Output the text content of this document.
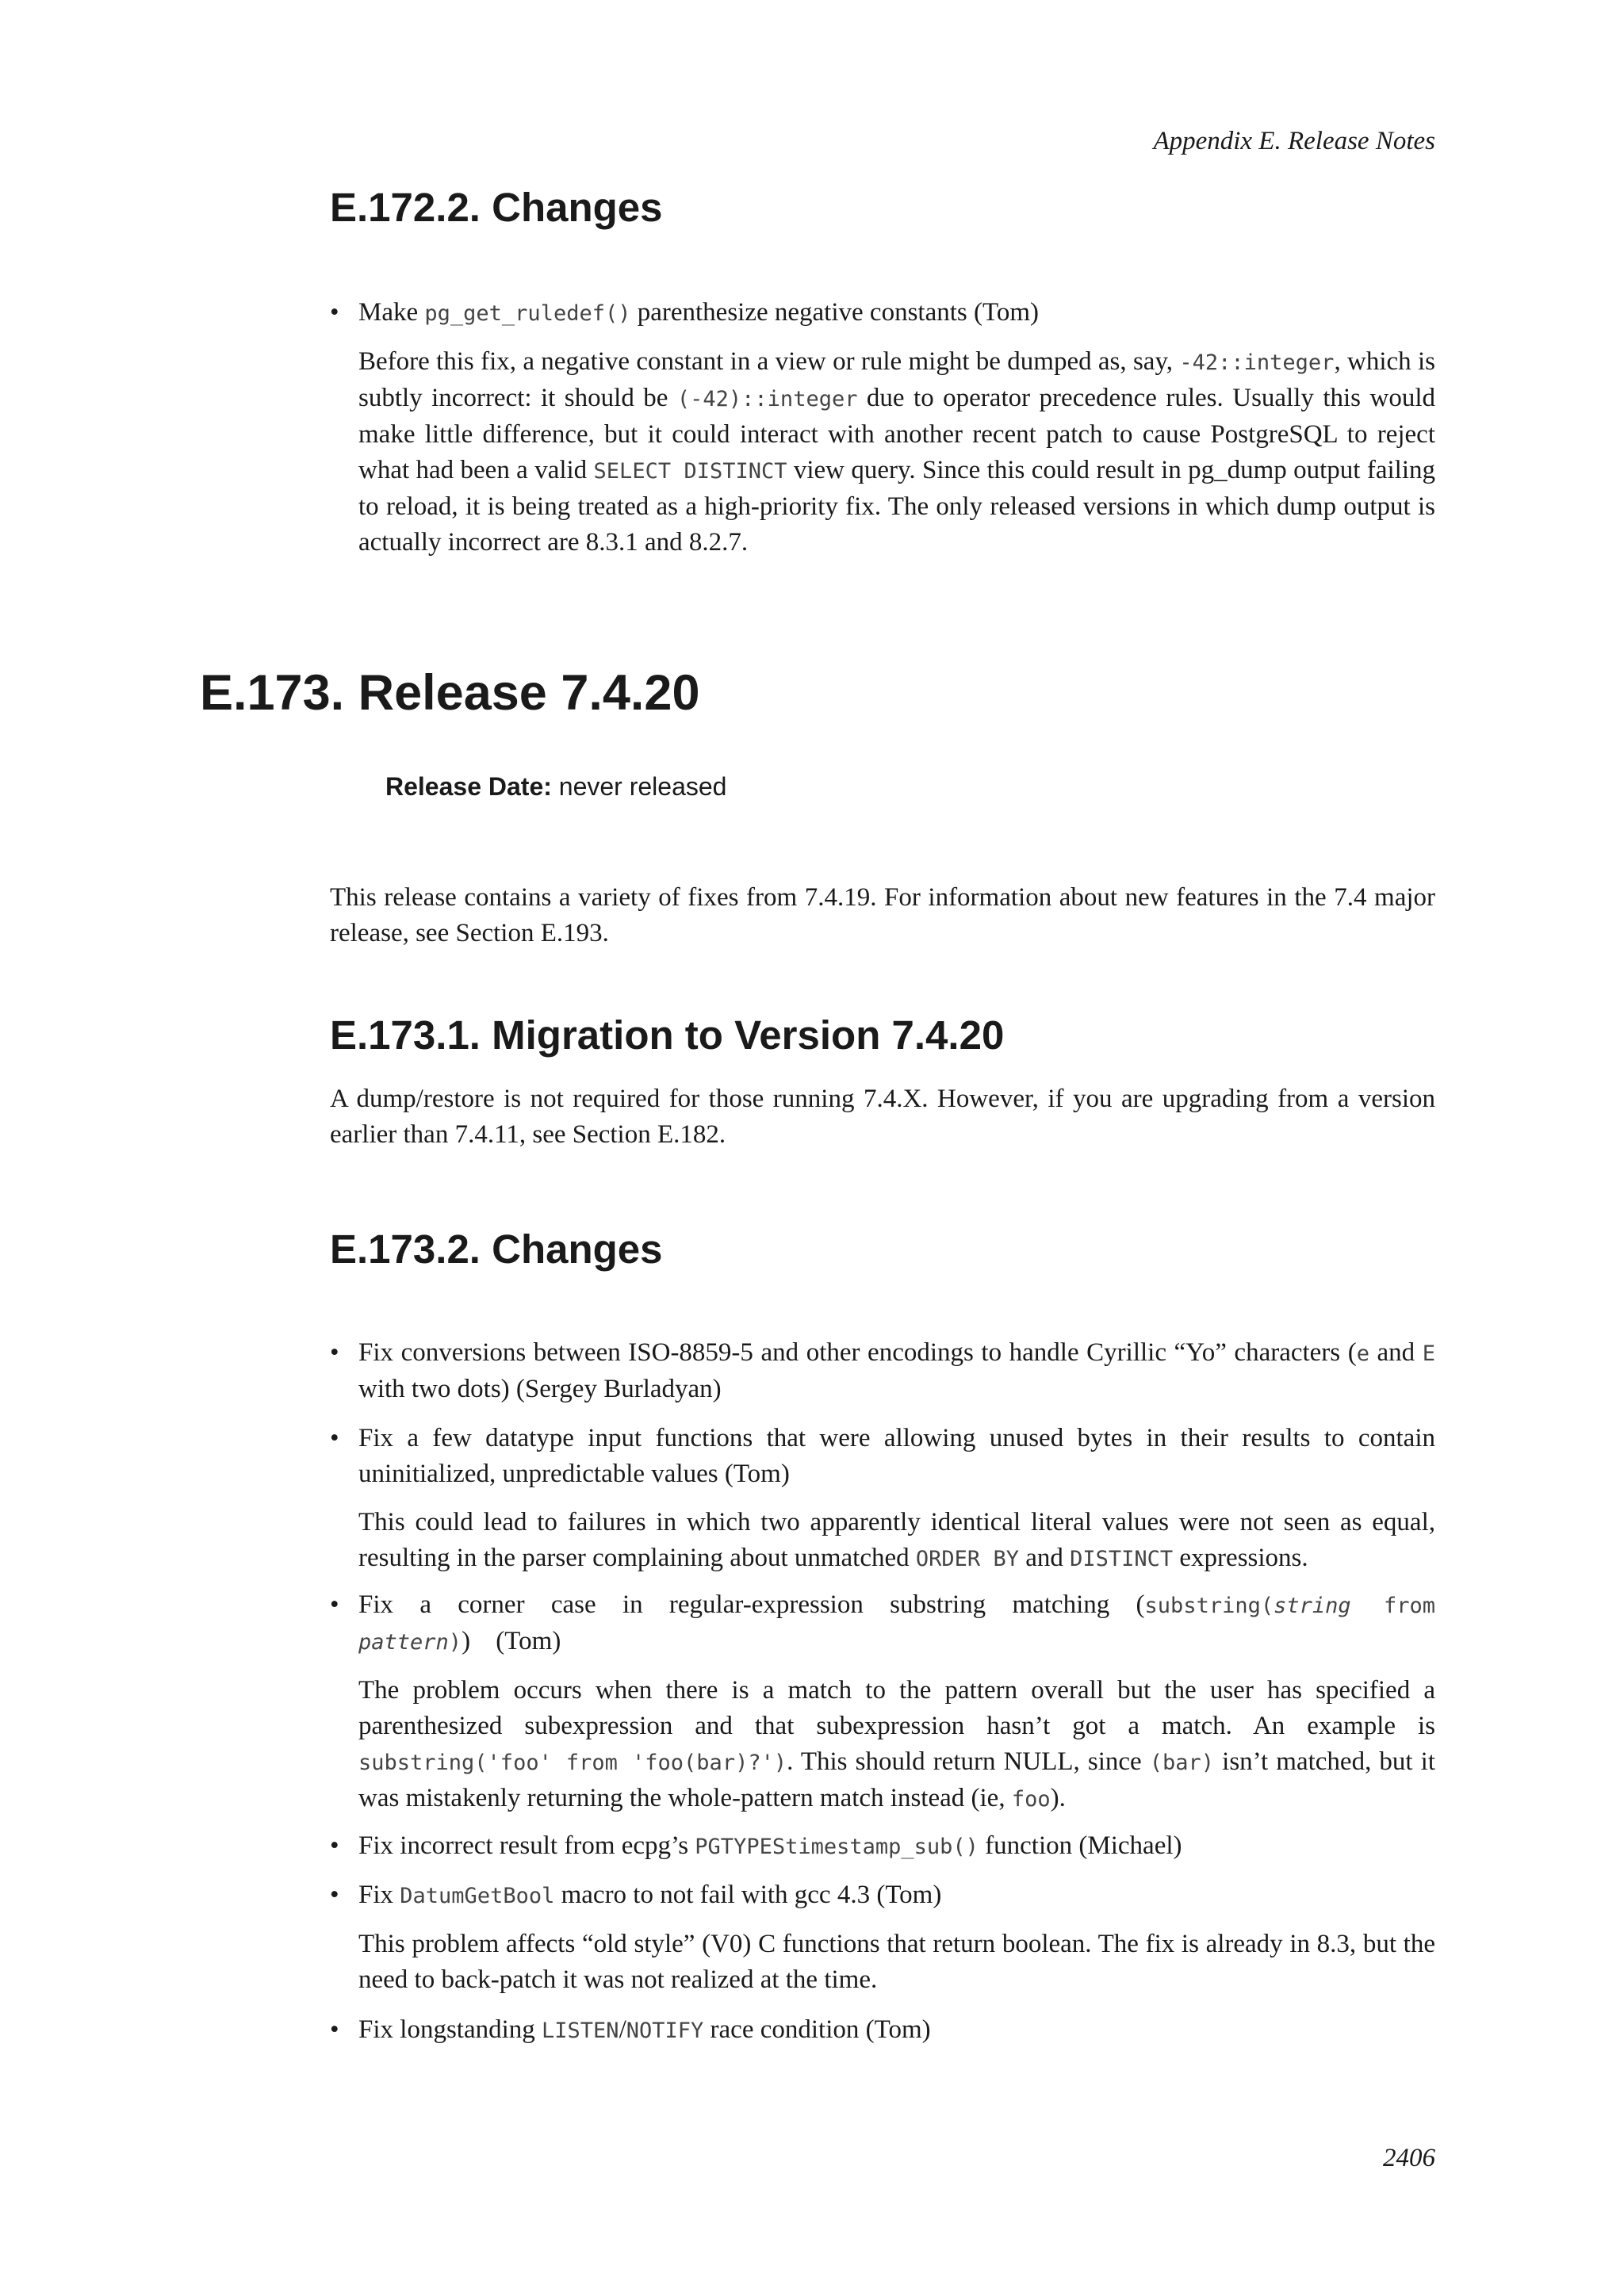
Appendix E. Release Notes
E.172.2. Changes
• Make pg_get_ruledef() parenthesize negative constants (Tom)

Before this fix, a negative constant in a view or rule might be dumped as, say, -42::integer, which is subtly incorrect: it should be (-42)::integer due to operator precedence rules. Usually this would make little difference, but it could interact with another recent patch to cause PostgreSQL to reject what had been a valid SELECT DISTINCT view query. Since this could result in pg_dump output failing to reload, it is being treated as a high-priority fix. The only released versions in which dump output is actually incorrect are 8.3.1 and 8.2.7.

E.173. Release 7.4.20
Release Date: never released

This release contains a variety of fixes from 7.4.19. For information about new features in the 7.4 major release, see Section E.193.

E.173.1. Migration to Version 7.4.20

A dump/restore is not required for those running 7.4.X. However, if you are upgrading from a version earlier than 7.4.11, see Section E.182.

E.173.2. Changes
• Fix conversions between ISO-8859-5 and other encodings to handle Cyrillic “Yo” characters (e and E with two dots) (Sergey Burladyan)

• Fix a few datatype input functions that were allowing unused bytes in their results to contain uninitialized, unpredictable values (Tom)

This could lead to failures in which two apparently identical literal values were not seen as equal, resulting in the parser complaining about unmatched ORDER BY and DISTINCT expressions.

• Fix a corner case in regular-expression substring matching (substring(string from pattern)) (Tom)

The problem occurs when there is a match to the pattern overall but the user has specified a parenthesized subexpression and that subexpression hasn’t got a match. An example is substring('foo' from 'foo(bar)?'). This should return NULL, since (bar) isn’t matched, but it was mistakenly returning the whole-pattern match instead (ie, foo).

• Fix incorrect result from ecpg’s PGTYPEStimestamp_sub() function (Michael)

• Fix DatumGetBool macro to not fail with gcc 4.3 (Tom)

This problem affects “old style” (V0) C functions that return boolean. The fix is already in 8.3, but the need to back-patch it was not realized at the time.

• Fix longstanding LISTEN/NOTIFY race condition (Tom)

2406
